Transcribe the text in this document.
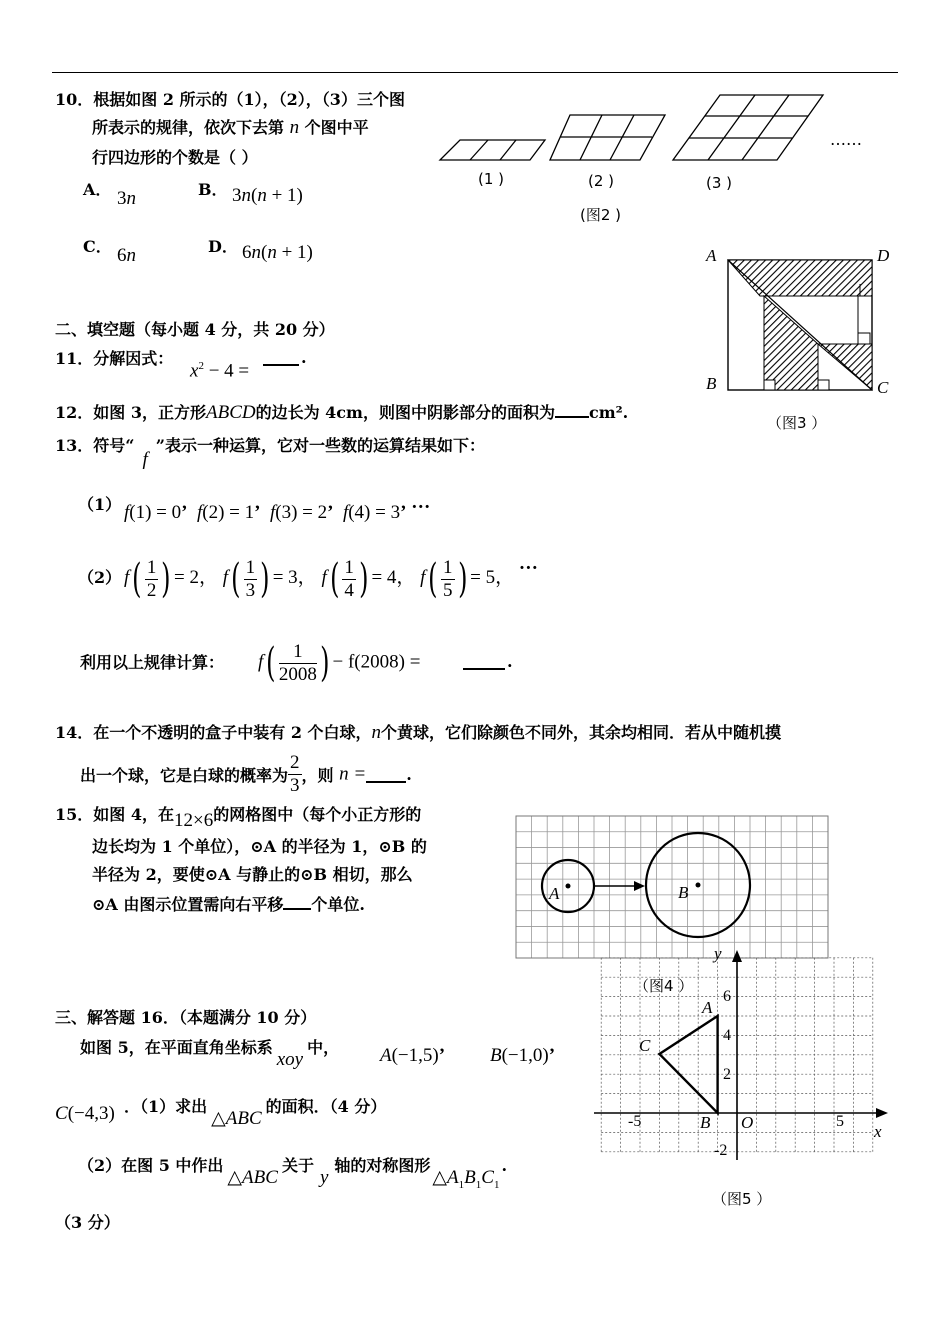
10．根据如图 2 所示的（1），（2），（3）三个图
所表示的规律，依次下去第 n 个图中平
行四边形的个数是（ ）
A． 3n	B． 3n(n + 1)
C． 6n	D． 6n(n + 1)
(1 )	(2 )	(3 )
……
(图2 )
A	D
B	C
（图3 ）
二、填空题（每小题 4 分，共 20 分）
11．分解因式：
$x^2 - 4$ =
.
12．如图 3，正方形ABCD的边长为 4cm，则图中阴影部分的面积为 cm².
13．符号“f”表示一种运算，它对一些数的运算结果如下：
（1） f(1) = 0’ f(2) = 1’ f(3) = 2’ f(4) = 3’ …
（2） $f( \frac{1}{2}$ ) = 2， $f( \frac{1}{3}$ ) = 3， $f( \frac{1}{4}$ ) = 4， $f( \frac{1}{5}$ ) = 5， …
利用以上规律计算： $f( \frac{1}{2008}$ ) − f(2008) =	.
14．在一个不透明的盒子中装有 2 个白球，n个黄球，它们除颜色不同外，其余均相同．若从中随机摸
出一个球，它是白球的概率为 $\frac{2}{3}$ ，则 n =	.
15．如图 4，在12×6的网格图中（每个小正方形的
边长均为 1 个单位），⊙A 的半径为 1，⊙B 的
半径为 2，要使⊙A 与静止的⊙B 相切，那么
⊙A 由图示位置需向右平移 个单位.
A	B
三、解答题 16．（本题满分 10 分）
如图 5，在平面直角坐标系xoy中， A(−1,5)’ B(−1,0)’
C(−4,3) ．（1）求出△ABC的面积．（4 分）
（2）在图 5 中作出△ABC关于y轴的对称图形$\triangle A_1B_1C_1$.
（3 分）
y
x
O
6
4
2
-2
-5	5
A
B
C
（图4 ）
（图5 ）
